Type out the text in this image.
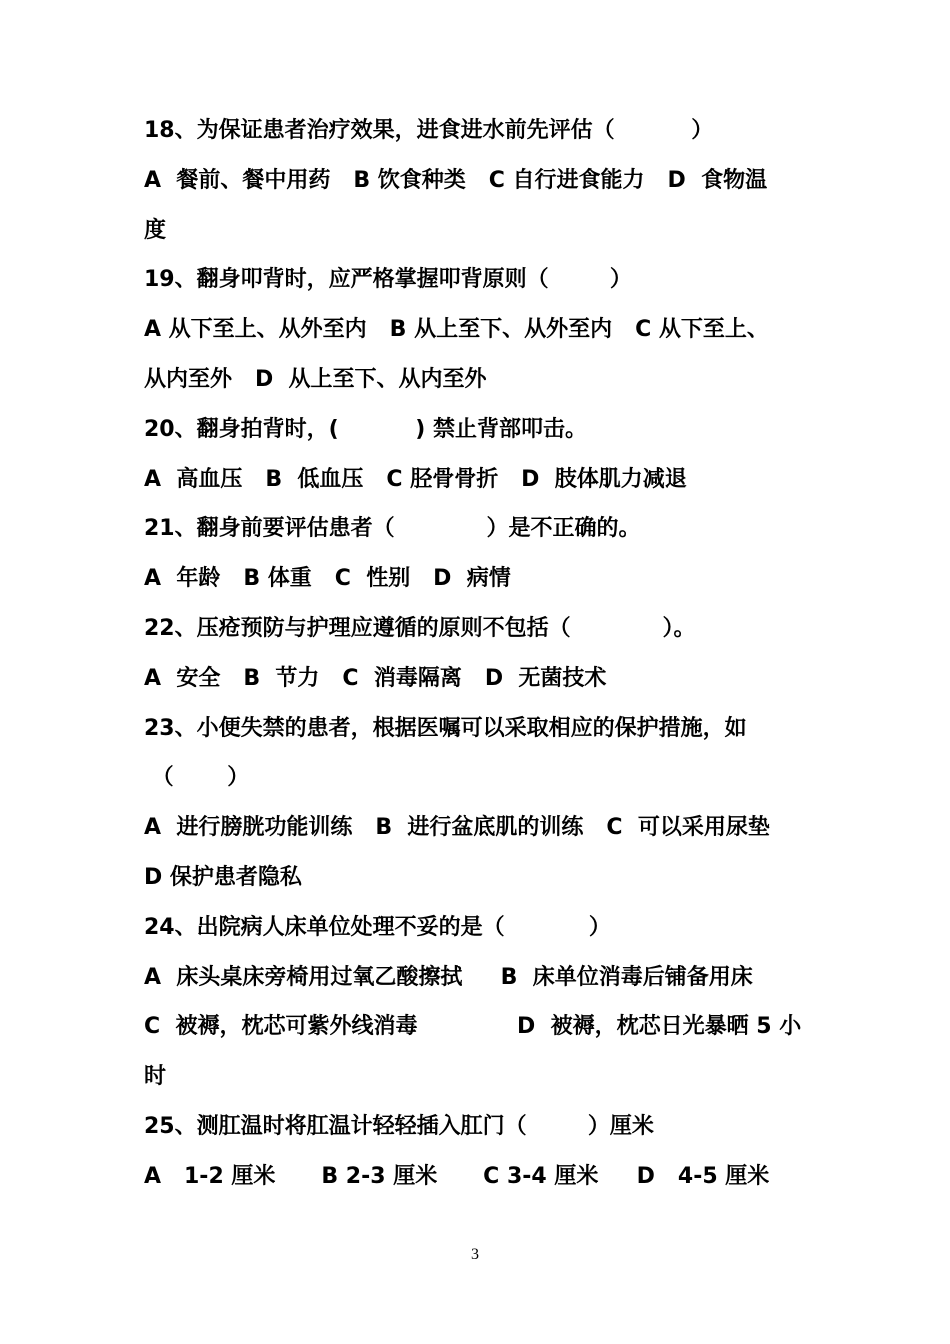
18、为保证患者治疗效果，进食进水前先评估（          ）
A  餐前、餐中用药   B 饮食种类   C 自行进食能力   D  食物温
度
19、翻身叩背时，应严格掌握叩背原则（        ）
A 从下至上、从外至内   B 从上至下、从外至内   C 从下至上、
从内至外   D  从上至下、从内至外
20、翻身拍背时，(          ) 禁止背部叩击。
A  高血压   B  低血压   C 胫骨骨折   D  肢体肌力减退
21、翻身前要评估患者（            ）是不正确的。
A  年龄   B 体重   C  性别   D  病情
22、压疮预防与护理应遵循的原则不包括（            ）。
A  安全   B  节力   C  消毒隔离   D  无菌技术
23、小便失禁的患者，根据医嘱可以采取相应的保护措施，如
（       ）
A  进行膀胱功能训练   B  进行盆底肌的训练   C  可以采用尿垫
D 保护患者隐私
24、出院病人床单位处理不妥的是（           ）
A  床头桌床旁椅用过氧乙酸擦拭     B  床单位消毒后铺备用床
C  被褥，枕芯可紫外线消毒             D  被褥，枕芯日光暴晒 5 小
时
25、测肛温时将肛温计轻轻插入肛门（        ）厘米
A   1-2 厘米      B 2-3 厘米      C 3-4 厘米     D   4-5 厘米
3
